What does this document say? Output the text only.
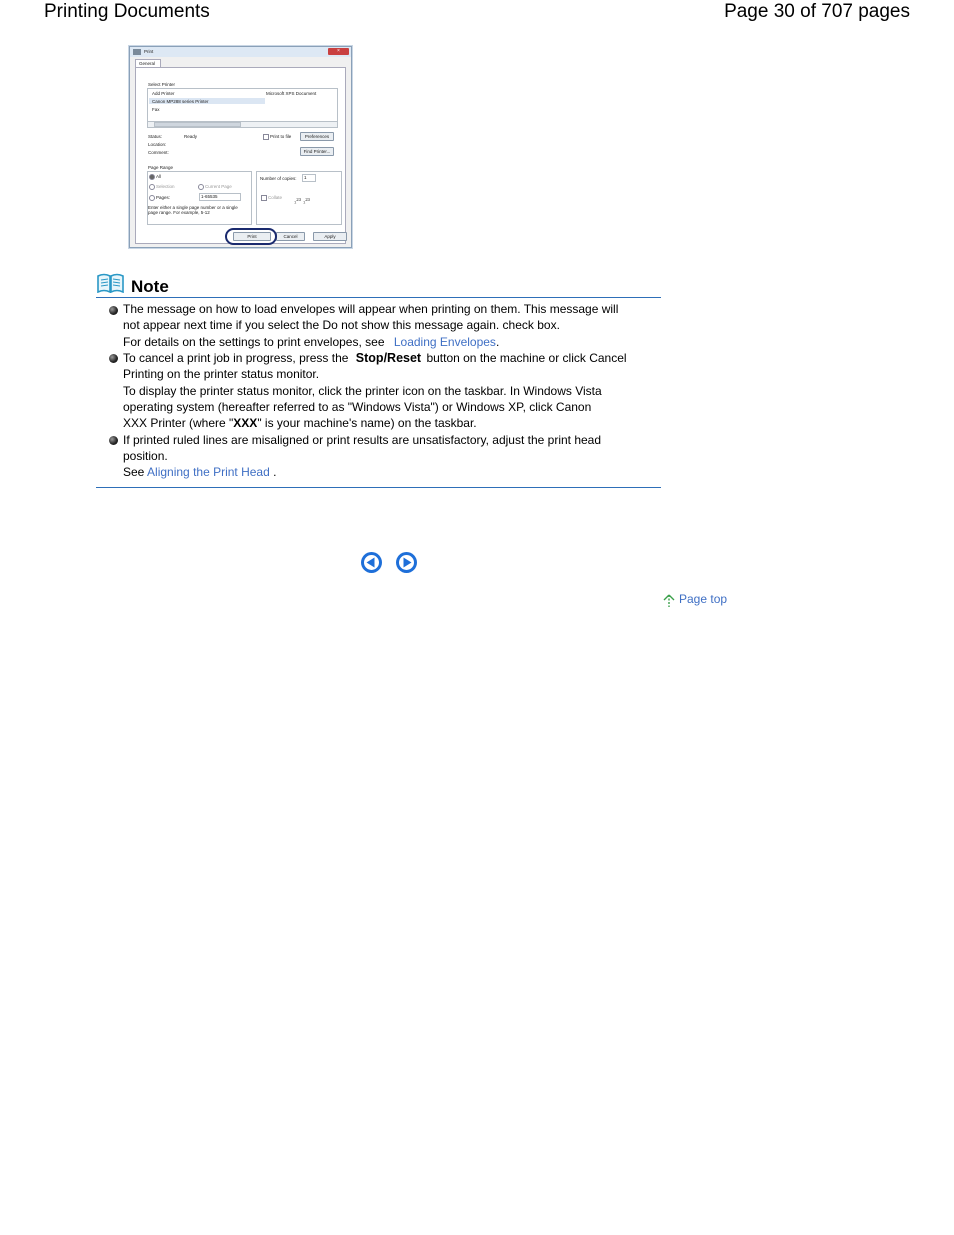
Printing Documents	Page 30 of 707 pages
Print	×
General
Select Printer
Add Printer
Canon MP288 series Printer
Fax
Microsoft XPS Document
Status:	Ready
Location:
Comment:
Print to file	Preferences
Find Printer...
Page Range
All
Selection	Current Page
Pages:	1-65535
Enter either a single page number or a single
page range. For example, 5-12
Number of copies: 1
Collate
₁²³ ₁²³
Print	Cancel	Apply
Note
The message on how to load envelopes will appear when printing on them. This message will
not appear next time if you select the Do not show this message again. check box.
For details on the settings to print envelopes, see Loading Envelopes.
To cancel a print job in progress, press the Stop/Reset button on the machine or click Cancel
Printing on the printer status monitor.
To display the printer status monitor, click the printer icon on the taskbar. In Windows Vista
operating system (hereafter referred to as "Windows Vista") or Windows XP, click Canon
XXX Printer (where "XXX" is your machine's name) on the taskbar.
If printed ruled lines are misaligned or print results are unsatisfactory, adjust the print head
position.
See Aligning the Print Head .
Page top
